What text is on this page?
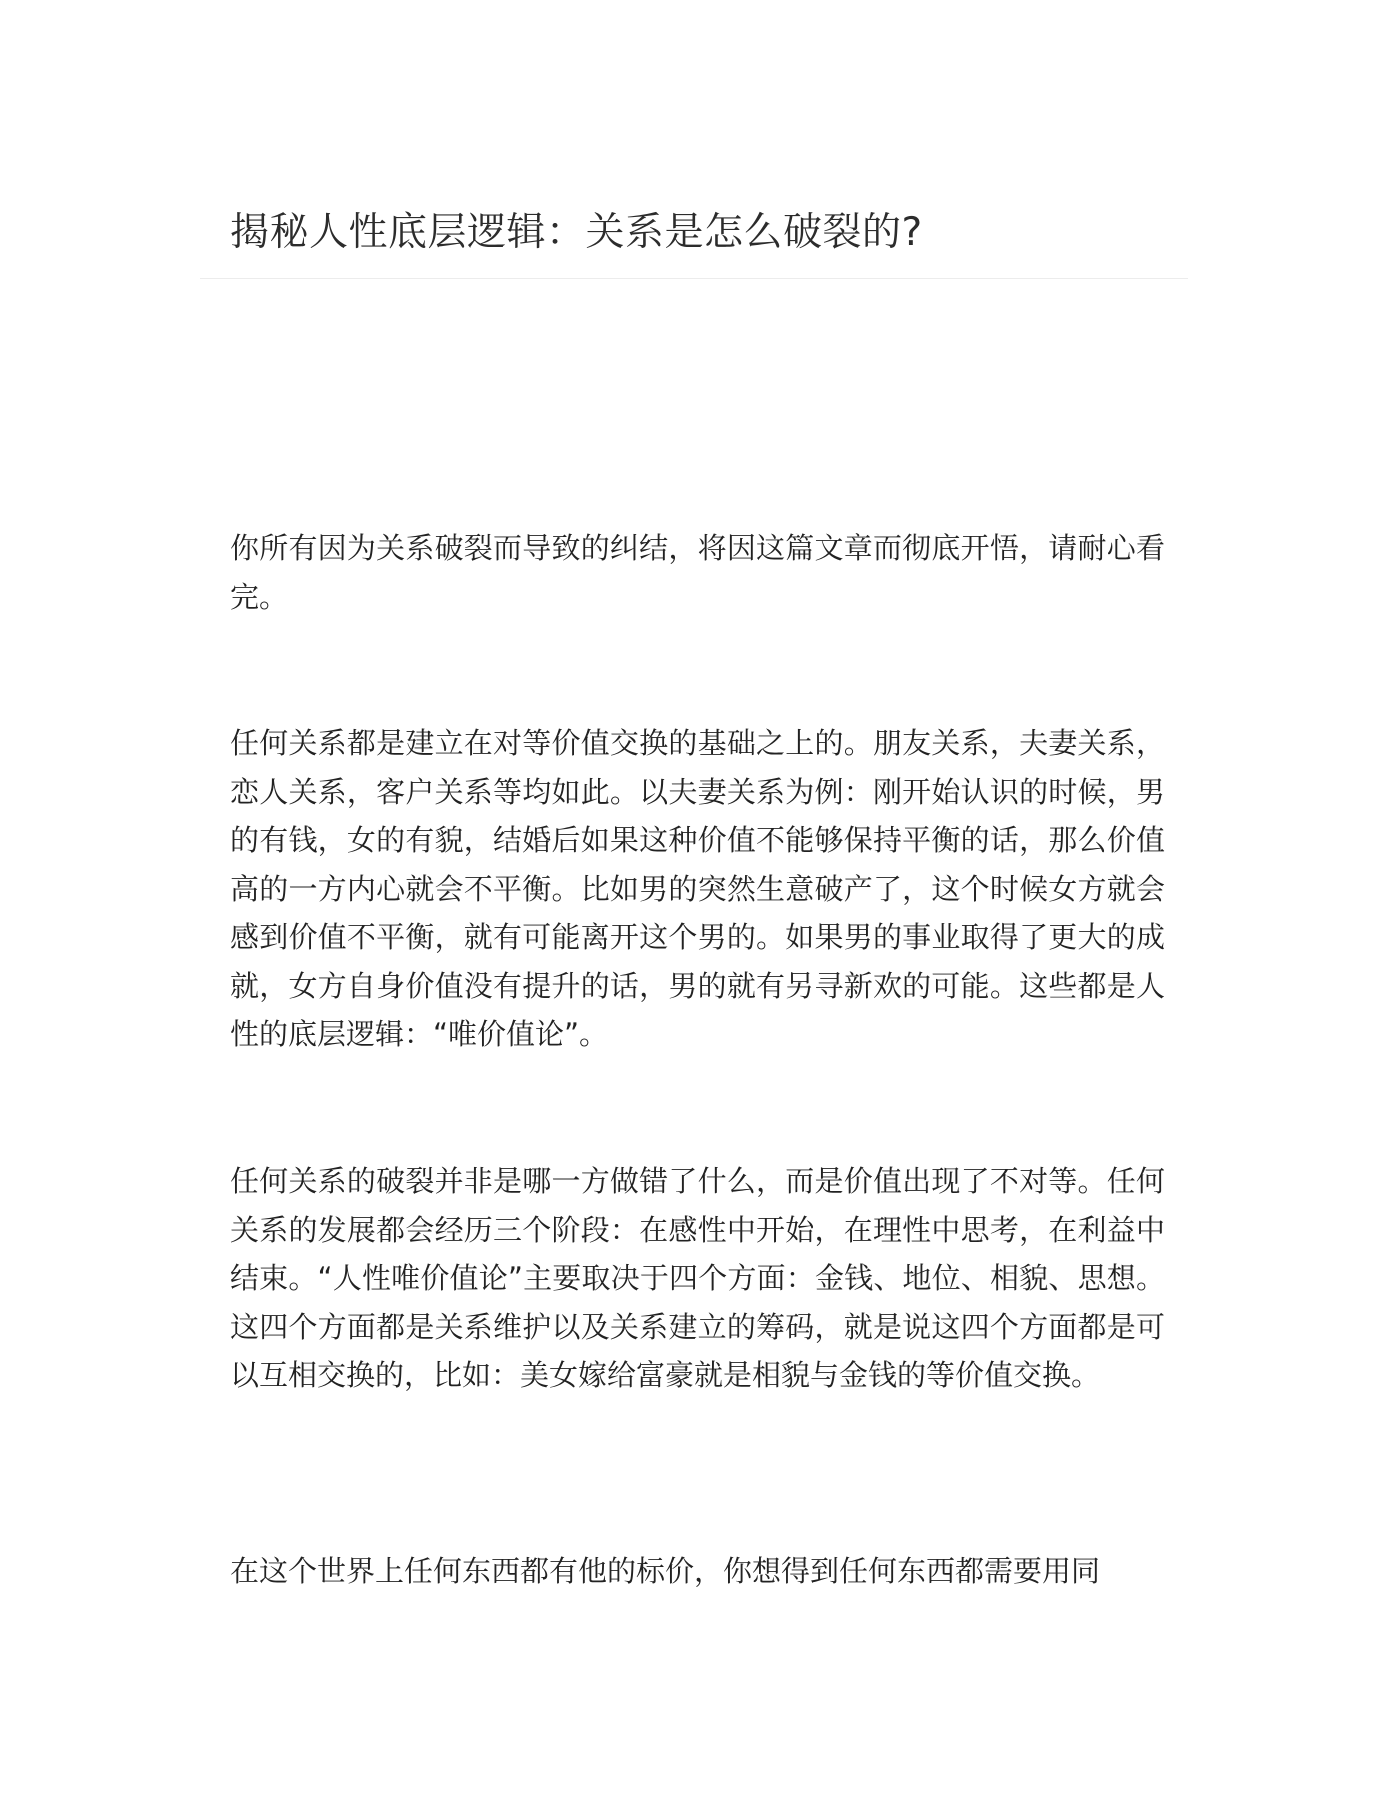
揭秘人性底层逻辑：关系是怎么破裂的?

你所有因为关系破裂而导致的纠结，将因这篇文章而彻底开悟，请耐心看完。

任何关系都是建立在对等价值交换的基础之上的。朋友关系，夫妻关系，恋人关系，客户关系等均如此。以夫妻关系为例：刚开始认识的时候，男的有钱，女的有貌，结婚后如果这种价值不能够保持平衡的话，那么价值高的一方内心就会不平衡。比如男的突然生意破产了，这个时候女方就会感到价值不平衡，就有可能离开这个男的。如果男的事业取得了更大的成就，女方自身价值没有提升的话，男的就有另寻新欢的可能。这些都是人性的底层逻辑：“唯价值论”。

任何关系的破裂并非是哪一方做错了什么，而是价值出现了不对等。任何关系的发展都会经历三个阶段：在感性中开始，在理性中思考，在利益中结束。“人性唯价值论”主要取决于四个方面：金钱、地位、相貌、思想。这四个方面都是关系维护以及关系建立的筹码，就是说这四个方面都是可以互相交换的，比如：美女嫁给富豪就是相貌与金钱的等价值交换。

在这个世界上任何东西都有他的标价，你想得到任何东西都需要用同
